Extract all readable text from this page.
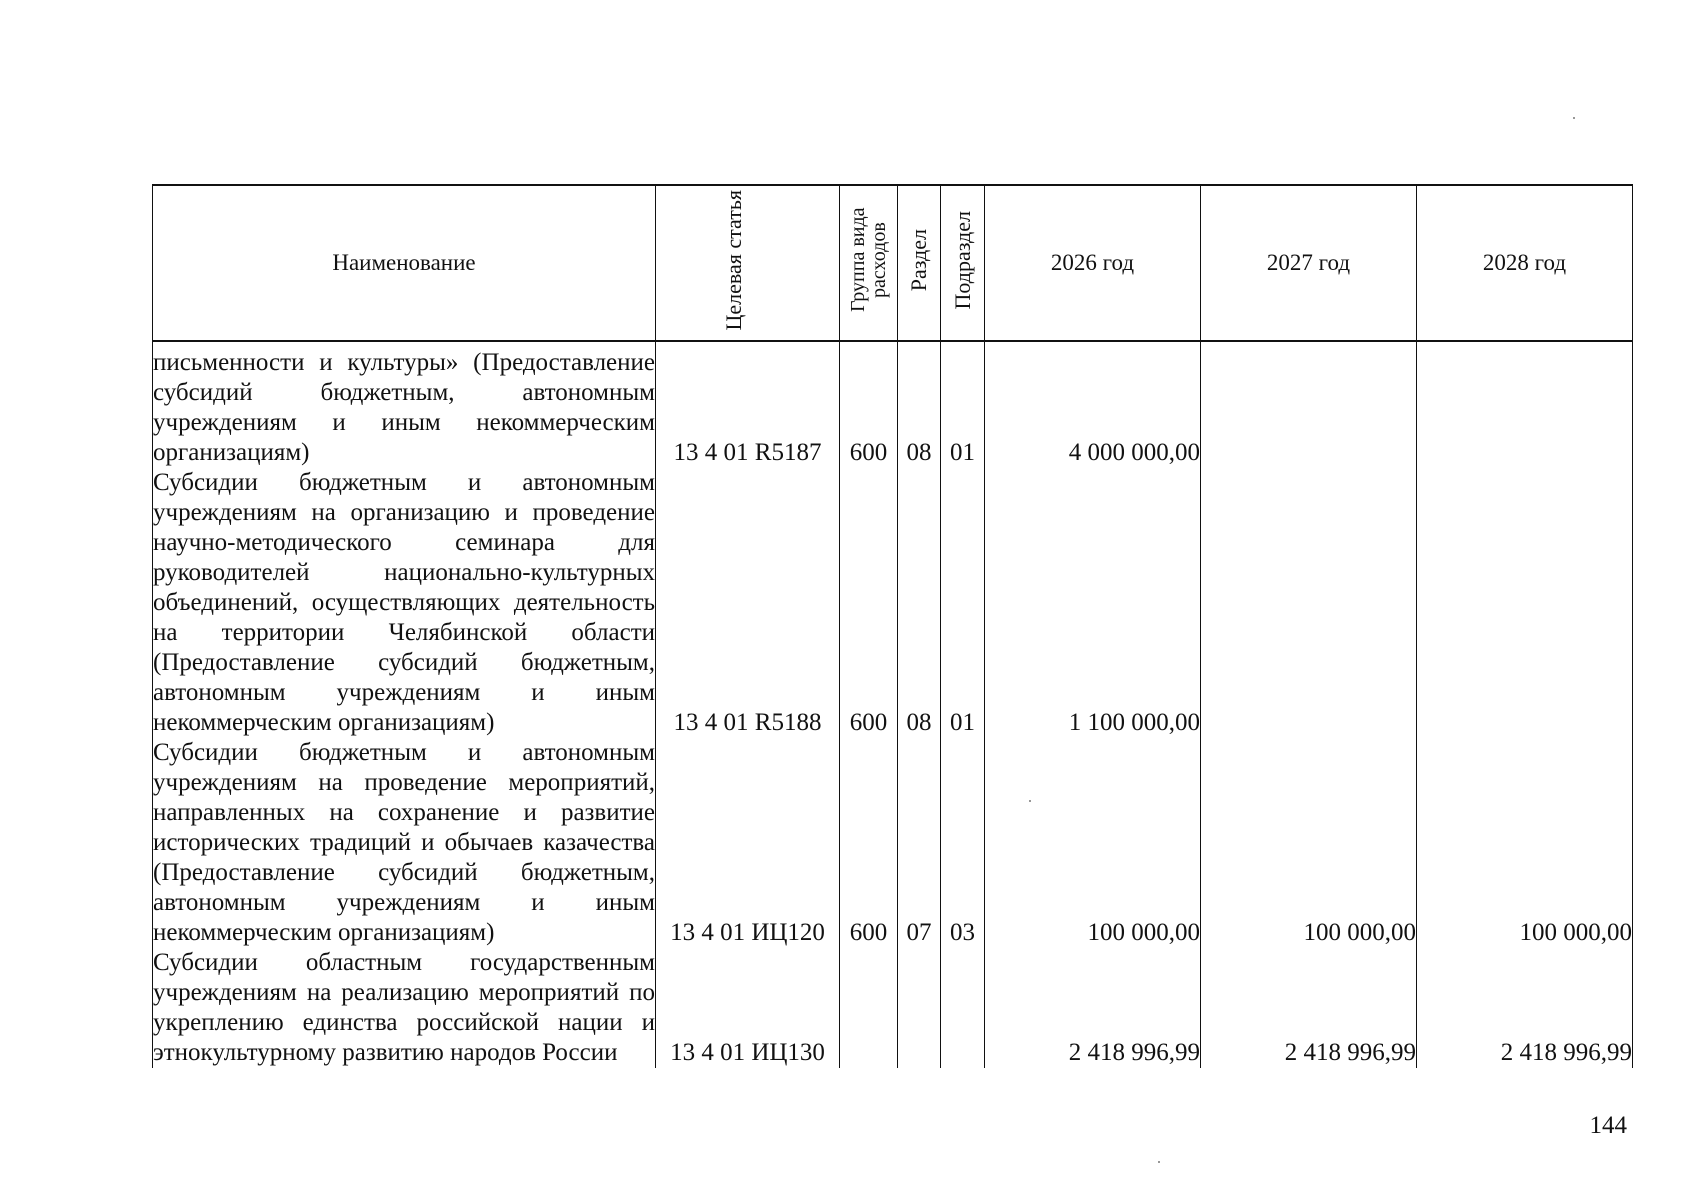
Наименование	Целевая статья	Группа вида расходов	Раздел	Подраздел	2026 год	2027 год	2028 год
письменности и культуры» (Предоставление субсидий бюджетным, автономным учреждениям и иным некоммерческим организациям)	13 4 01 R5187	600	08	01	4 000 000,00		
Субсидии бюджетным и автономным учреждениям на организацию и проведение научно-методического семинара для руководителей национально-культурных объединений, осуществляющих деятельность на территории Челябинской области (Предоставление субсидий бюджетным, автономным учреждениям и иным некоммерческим организациям)	13 4 01 R5188	600	08	01	1 100 000,00		
Субсидии бюджетным и автономным учреждениям на проведение мероприятий, направленных на сохранение и развитие исторических традиций и обычаев казачества (Предоставление субсидий бюджетным, автономным учреждениям и иным некоммерческим организациям)	13 4 01 ИЦ120	600	07	03	100 000,00	100 000,00	100 000,00
Субсидии областным государственным учреждениям на реализацию мероприятий по укреплению единства российской нации и этнокультурному развитию народов России	13 4 01 ИЦ130				2 418 996,99	2 418 996,99	2 418 996,99
144
